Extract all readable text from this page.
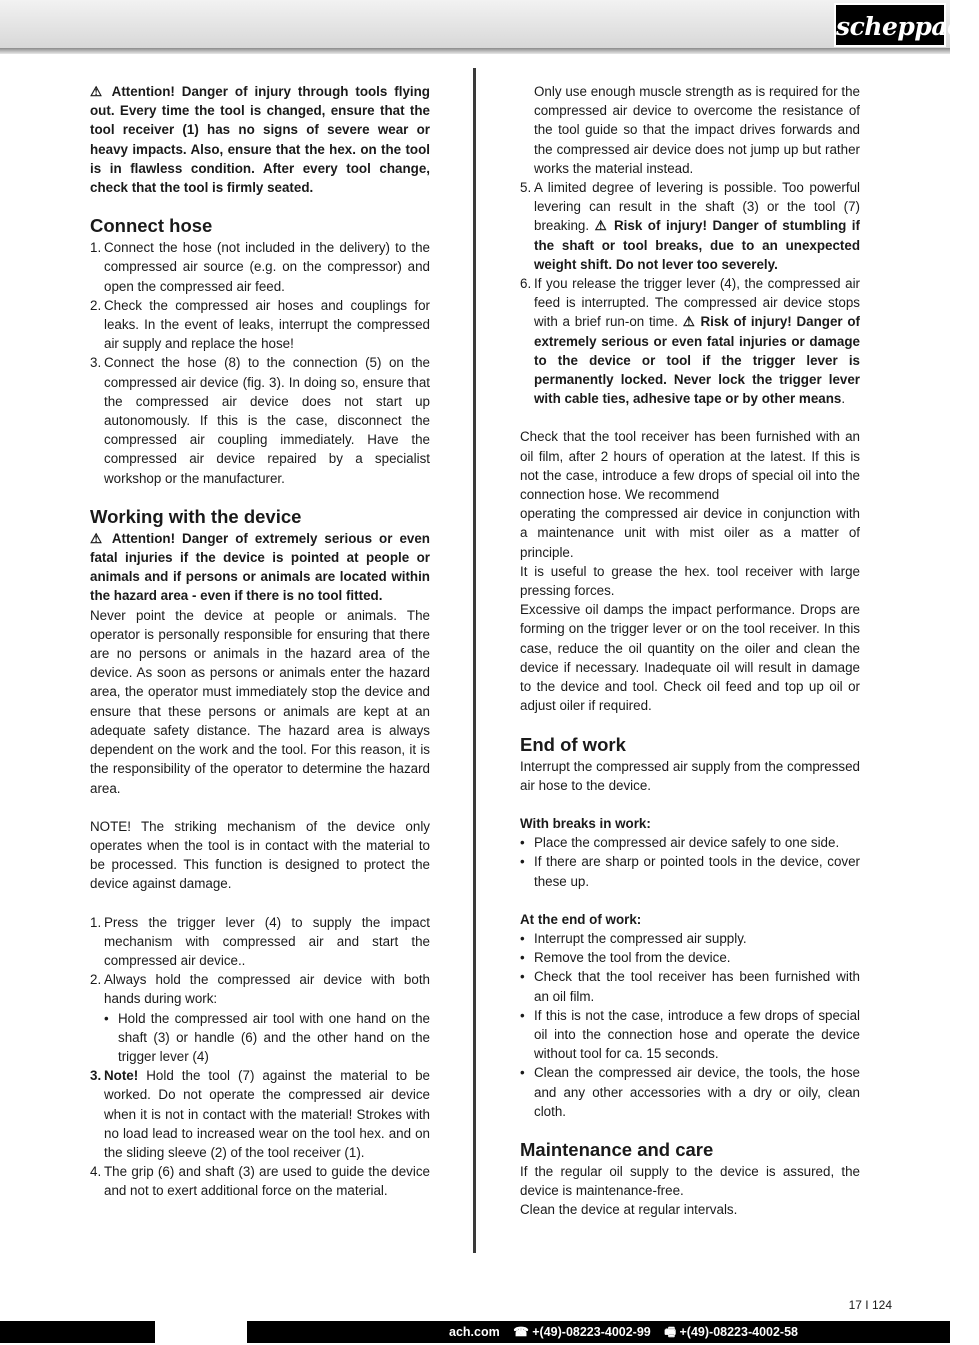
scheppach

⚠ Attention! Danger of injury through tools flying out. Every time the tool is changed, ensure that the tool receiver (1) has no signs of severe wear or heavy impacts. Also, ensure that the hex. on the tool is in flawless condition. After every tool change, check that the tool is firmly seated.

Connect hose
1. Connect the hose (not included in the delivery) to the compressed air source (e.g. on the compressor) and open the compressed air feed.
2. Check the compressed air hoses and couplings for leaks. In the event of leaks, interrupt the compressed air supply and replace the hose!
3. Connect the hose (8) to the connection (5) on the compressed air device (fig. 3). In doing so, ensure that the compressed air device does not start up autonomously. If this is the case, disconnect the compressed air coupling immediately. Have the compressed air device repaired by a specialist workshop or the manufacturer.
Working with the device

⚠ Attention! Danger of extremely serious or even fatal injuries if the device is pointed at people or animals and if persons or animals are located within the hazard area - even if there is no tool fitted.

Never point the device at people or animals. The operator is personally responsible for ensuring that there are no persons or animals in the hazard area of the device. As soon as persons or animals enter the hazard area, the operator must immediately stop the device and ensure that these persons or animals are kept at an adequate safety distance. The hazard area is always dependent on the work and the tool. For this reason, it is the responsibility of the operator to determine the hazard area.

NOTE! The striking mechanism of the device only operates when the tool is in contact with the material to be processed. This function is designed to protect the device against damage.

1. Press the trigger lever (4) to supply the impact mechanism with compressed air and start the compressed air device..
2. Always hold the compressed air device with both hands during work:
• Hold the compressed air tool with one hand on the shaft (3) or handle (6) and the other hand on the trigger lever (4)
3. Note! Hold the tool (7) against the material to be worked. Do not operate the compressed air device when it is not in contact with the material! Strokes with no load lead to increased wear on the tool hex. and on the sliding sleeve (2) of the tool receiver (1).
4. The grip (6) and shaft (3) are used to guide the device and not to exert additional force on the material.

Only use enough muscle strength as is required for the compressed air device to overcome the resistance of the tool guide so that the impact drives forwards and the compressed air device does not jump up but rather works the material instead.

5. A limited degree of levering is possible. Too powerful levering can result in the shaft (3) or the tool (7) breaking. ⚠ Risk of injury! Danger of stumbling if the shaft or tool breaks, due to an unexpected weight shift. Do not lever too severely.
6. If you release the trigger lever (4), the compressed air feed is interrupted. The compressed air device stops with a brief run-on time. ⚠ Risk of injury! Danger of extremely serious or even fatal injuries or damage to the device or tool if the trigger lever is permanently locked. Never lock the trigger lever with cable ties, adhesive tape or by other means.

Check that the tool receiver has been furnished with an oil film, after 2 hours of operation at the latest. If this is not the case, introduce a few drops of special oil into the connection hose. We recommend

operating the compressed air device in conjunction with a maintenance unit with mist oiler as a matter of principle.

It is useful to grease the hex. tool receiver with large pressing forces.

Excessive oil damps the impact performance. Drops are forming on the trigger lever or on the tool receiver. In this case, reduce the oil quantity on the oiler and clean the device if necessary. Inadequate oil will result in damage to the device and tool. Check oil feed and top up oil or adjust oiler if required.

End of work

Interrupt the compressed air supply from the compressed air hose to the device.

With breaks in work:

• Place the compressed air device safely to one side.
• If there are sharp or pointed tools in the device, cover these up.

At the end of work:

• Interrupt the compressed air supply.
• Remove the tool from the device.
• Check that the tool receiver has been furnished with an oil film.
• If this is not the case, introduce a few drops of special oil into the connection hose and operate the device without tool for ca. 15 seconds.
• Clean the compressed air device, the tools, the hose and any other accessories with a dry or oily, clean cloth.
Maintenance and care

If the regular oil supply to the device is assured, the device is maintenance-free.

Clean the device at regular intervals.

17 I 124
ach.com ☎ +(49)-08223-4002-99 🖷 +(49)-08223-4002-58
